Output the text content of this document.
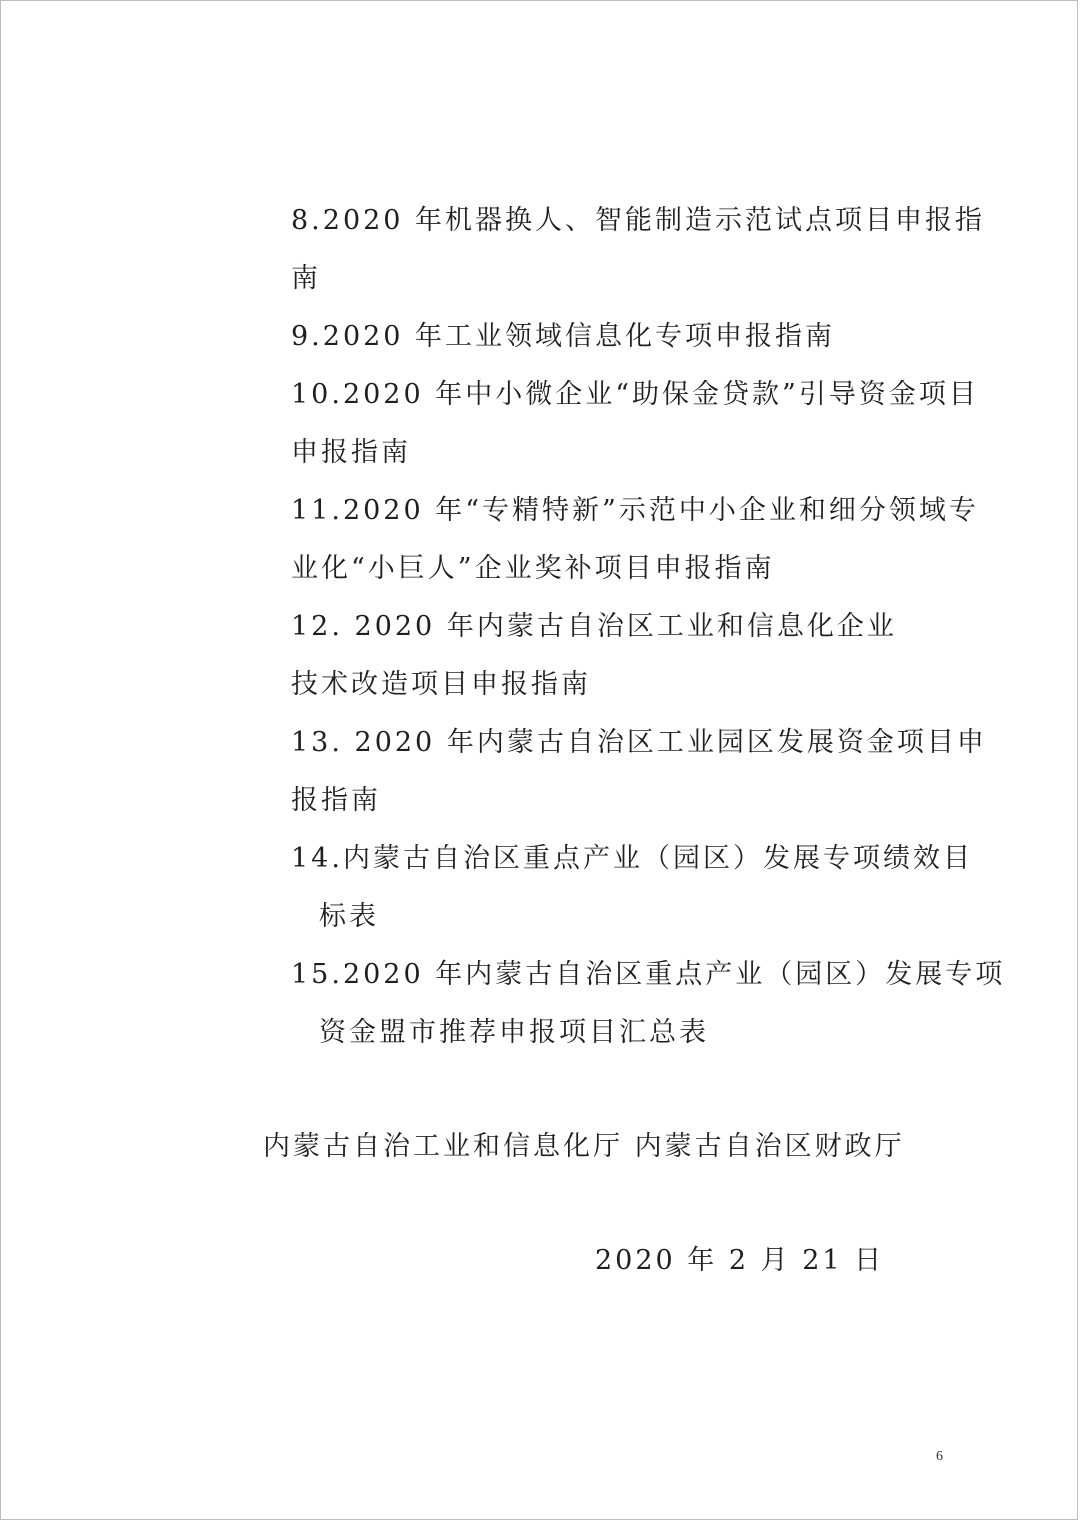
8.2020 年机器换人、智能制造示范试点项目申报指
南
9.2020 年工业领域信息化专项申报指南
10.2020 年中小微企业“助保金贷款”引导资金项目
申报指南
11.2020 年“专精特新”示范中小企业和细分领域专
业化“小巨人”企业奖补项目申报指南
12. 2020 年内蒙古自治区工业和信息化企业
技术改造项目申报指南
13. 2020 年内蒙古自治区工业园区发展资金项目申
报指南
14.内蒙古自治区重点产业（园区）发展专项绩效目
标表
15.2020 年内蒙古自治区重点产业（园区）发展专项
资金盟市推荐申报项目汇总表
内蒙古自治工业和信息化厅 内蒙古自治区财政厅
2020 年 2 月 21 日
6
